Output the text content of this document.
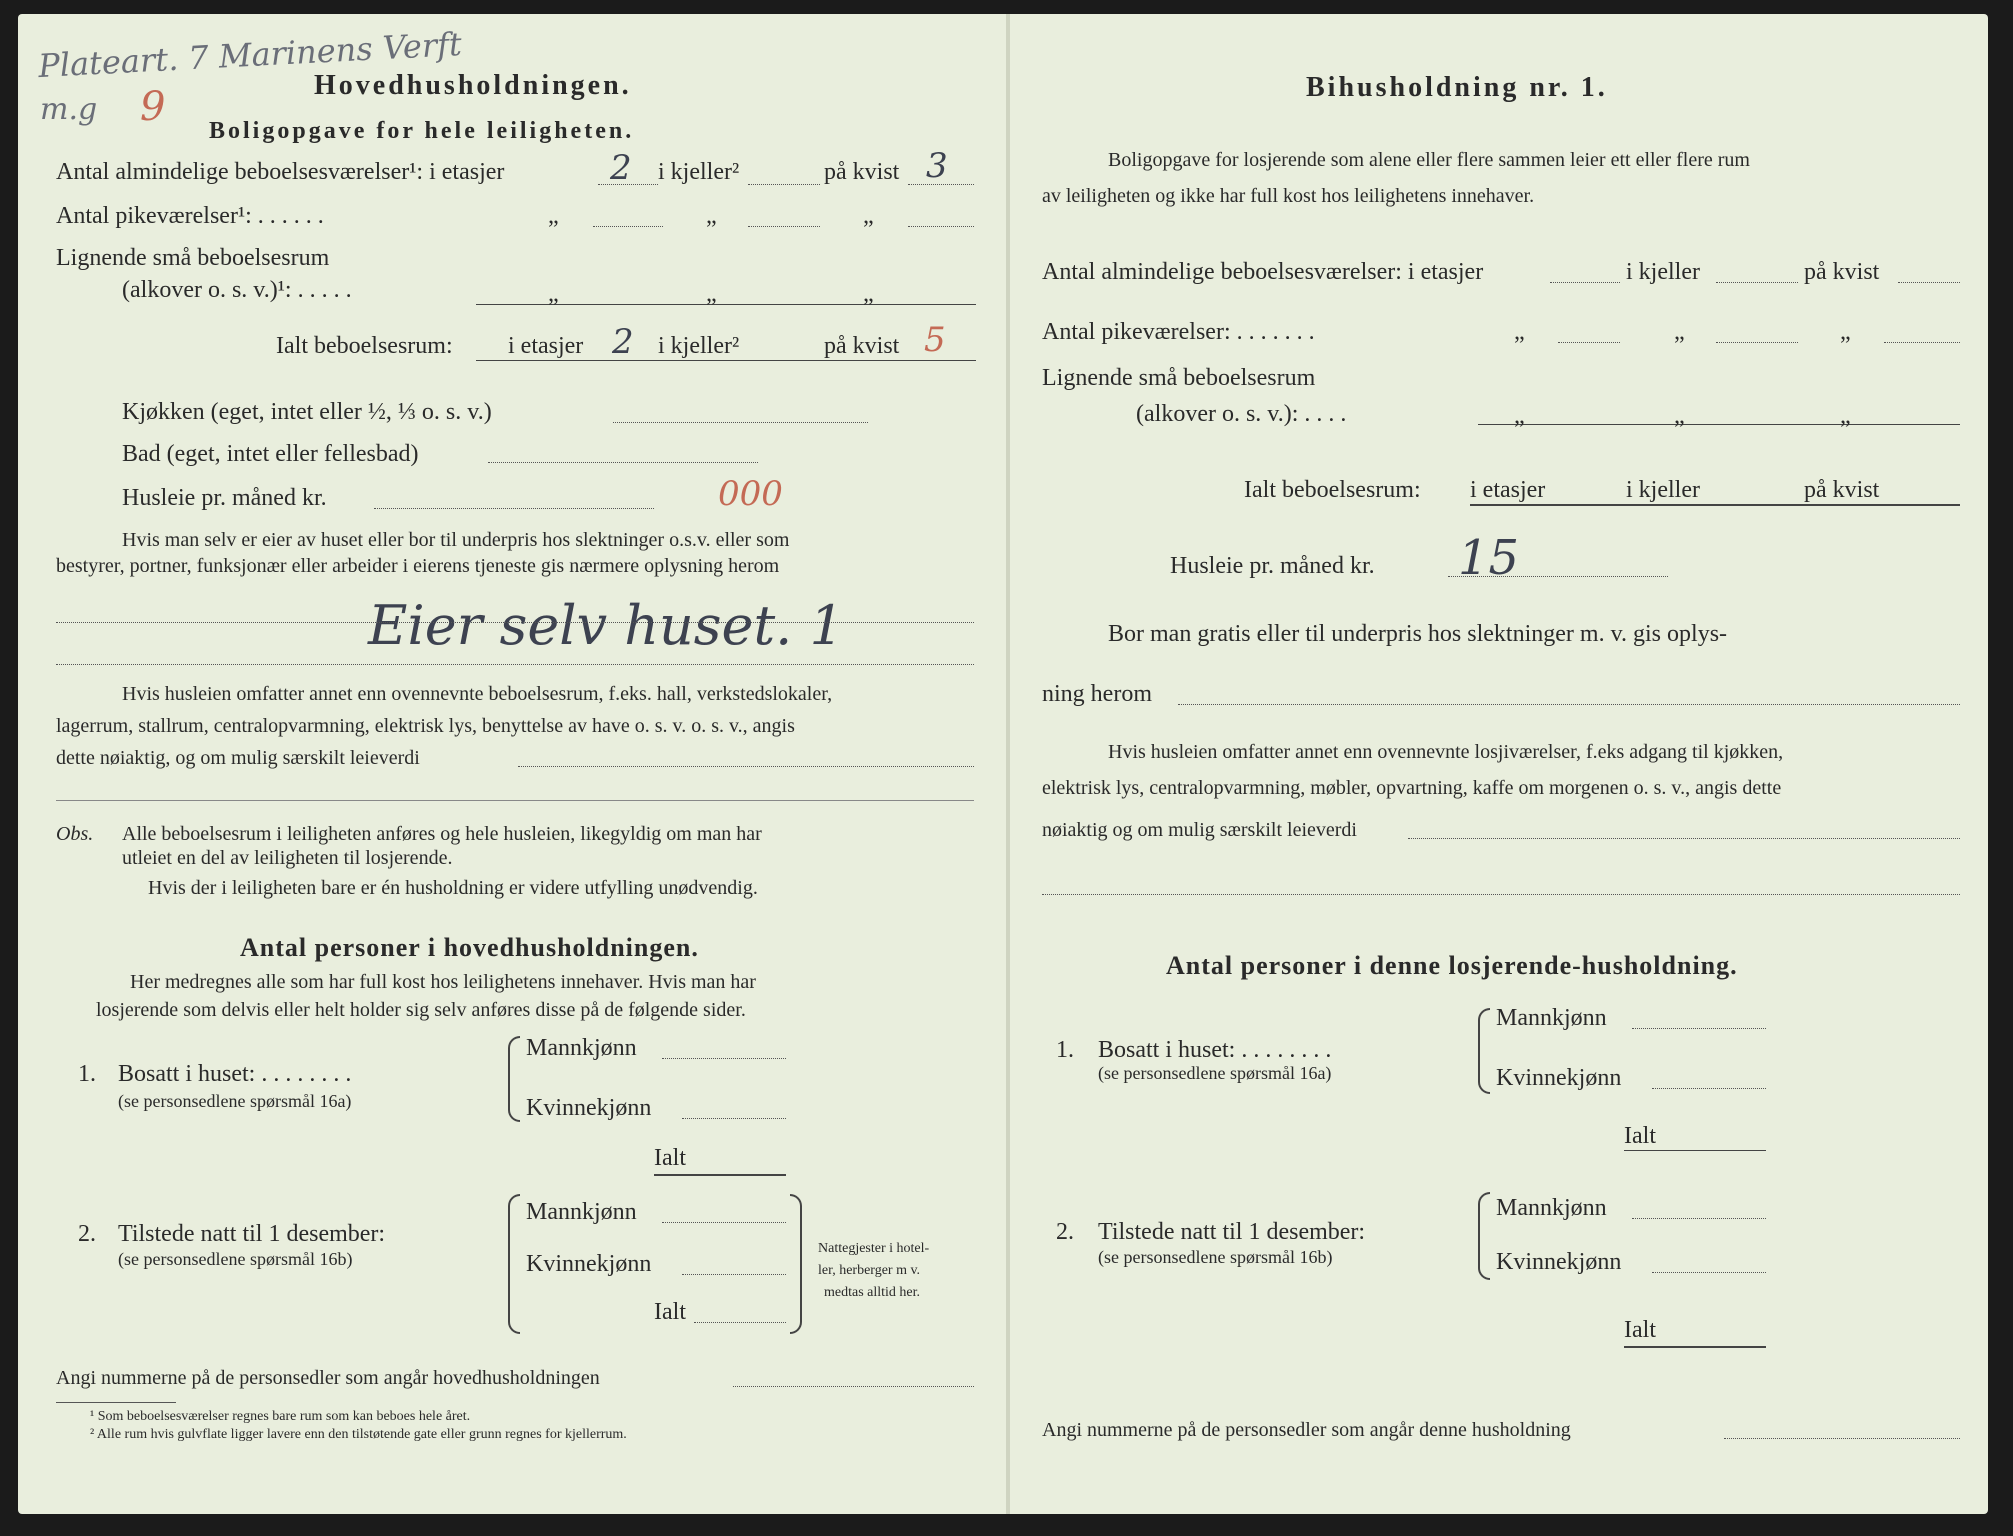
Plateart. 7 Marinens Verft
m.g 9	Hovedhusholdningen.
Boligopgave for hele leiligheten.
Antal almindelige beboelsesværelser¹: i etasjer	2 i kjeller²	på kvist 3
Antal pikeværelser¹: . . . . . .	„	„	„
Lignende små beboelsesrum
(alkover o. s. v.)¹: . . . . .	„	„	„
Ialt beboelsesrum: i etasjer 2 i kjeller²	på kvist 5
Kjøkken (eget, intet eller ½, ⅓ o. s. v.)
Bad (eget, intet eller fellesbad)
Husleie pr. måned kr.	000
Hvis man selv er eier av huset eller bor til underpris hos slektninger o.s.v. eller som
bestyrer, portner, funksjonær eller arbeider i eierens tjeneste gis nærmere oplysning herom
Eier selv huset. 1
Hvis husleien omfatter annet enn ovennevnte beboelsesrum, f.eks. hall, verkstedslokaler,
lagerrum, stallrum, centralopvarmning, elektrisk lys, benyttelse av have o. s. v. o. s. v., angis
dette nøiaktig, og om mulig særskilt leieverdi
Obs. Alle beboelsesrum i leiligheten anføres og hele husleien, likegyldig om man har
utleiet en del av leiligheten til losjerende.
Hvis der i leiligheten bare er én husholdning er videre utfylling unødvendig.
Antal personer i hovedhusholdningen.
Her medregnes alle som har full kost hos leilighetens innehaver. Hvis man har
losjerende som delvis eller helt holder sig selv anføres disse på de følgende sider.
1. Bosatt i huset: . . . . . . . .
(se personsedlene spørsmål 16a)
Mannkjønn
Kvinnekjønn
Ialt
2. Tilstede natt til 1 desember:
(se personsedlene spørsmål 16b)
Mannkjønn
Kvinnekjønn
Ialt
Nattegjester i hotel-
ler, herberger m v.
medtas alltid her.
Angi nummerne på de personsedler som angår hovedhusholdningen
¹ Som beboelsesværelser regnes bare rum som kan beboes hele året.
² Alle rum hvis gulvflate ligger lavere enn den tilstøtende gate eller grunn regnes for kjellerrum.
Bihusholdning nr. 1.
Boligopgave for losjerende som alene eller flere sammen leier ett eller flere rum
av leiligheten og ikke har full kost hos leilighetens innehaver.
Antal almindelige beboelsesværelser: i etasjer	i kjeller	på kvist
Antal pikeværelser: . . . . . . .	„	„	„
Lignende små beboelsesrum
(alkover o. s. v.): . . . .	„	„	„
Ialt beboelsesrum: i etasjer	i kjeller	på kvist
Husleie pr. måned kr. 15
Bor man gratis eller til underpris hos slektninger m. v. gis oplys-
ning herom
Hvis husleien omfatter annet enn ovennevnte losjiværelser, f.eks adgang til kjøkken,
elektrisk lys, centralopvarmning, møbler, opvartning, kaffe om morgenen o. s. v., angis dette
nøiaktig og om mulig særskilt leieverdi
Antal personer i denne losjerende-husholdning.
1. Bosatt i huset: . . . . . . . .
(se personsedlene spørsmål 16a)
Mannkjønn
Kvinnekjønn
Ialt
2. Tilstede natt til 1 desember:
(se personsedlene spørsmål 16b)
Mannkjønn
Kvinnekjønn
Ialt
Angi nummerne på de personsedler som angår denne husholdning
